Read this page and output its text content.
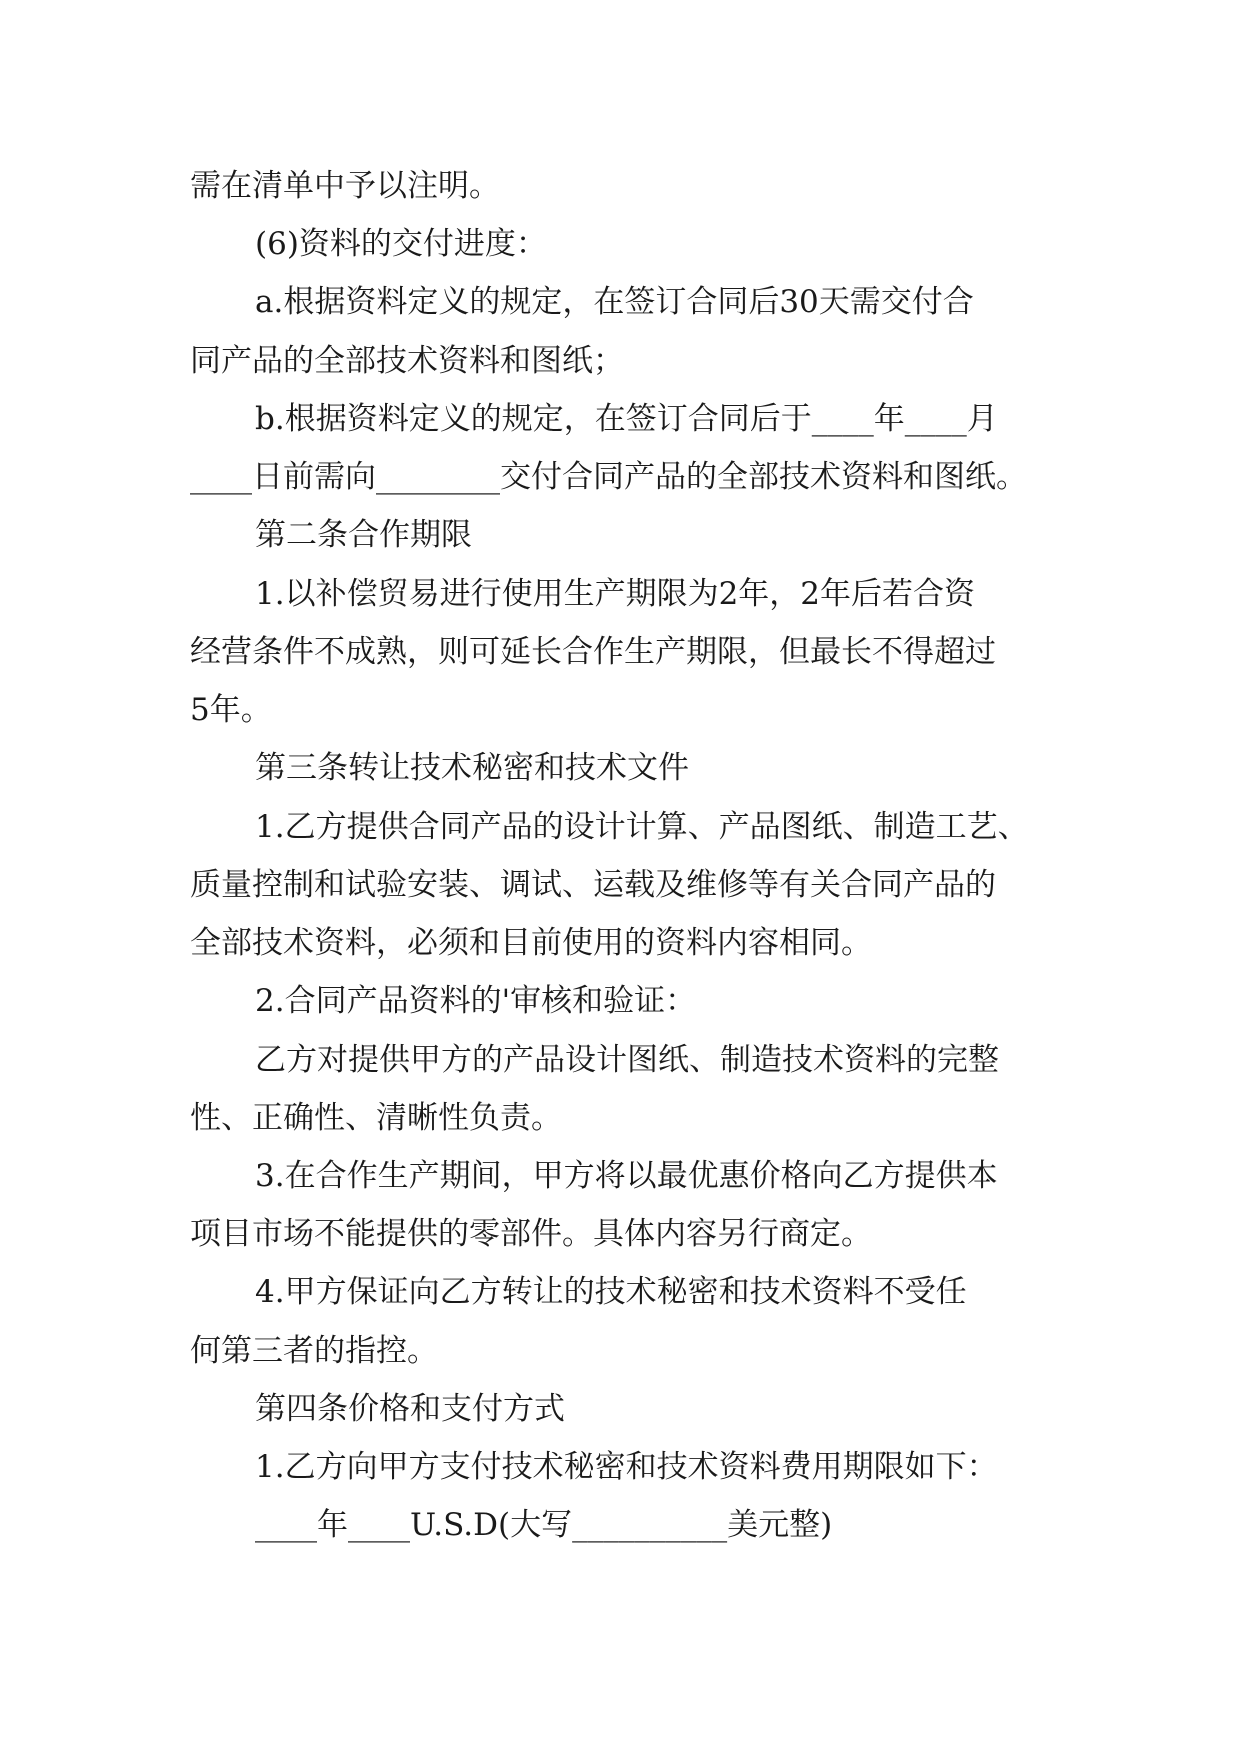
需在清单中予以注明。
(6)资料的交付进度：
a.根据资料定义的规定，在签订合同后30天需交付合
同产品的全部技术资料和图纸；
b.根据资料定义的规定，在签订合同后于____年____月
____日前需向________交付合同产品的全部技术资料和图纸。
第二条合作期限
1.以补偿贸易进行使用生产期限为2年，2年后若合资
经营条件不成熟，则可延长合作生产期限，但最长不得超过
5年。
第三条转让技术秘密和技术文件
1.乙方提供合同产品的设计计算、产品图纸、制造工艺、
质量控制和试验安装、调试、运载及维修等有关合同产品的
全部技术资料，必须和目前使用的资料内容相同。
2.合同产品资料的'审核和验证：
乙方对提供甲方的产品设计图纸、制造技术资料的完整
性、正确性、清晰性负责。
3.在合作生产期间，甲方将以最优惠价格向乙方提供本
项目市场不能提供的零部件。具体内容另行商定。
4.甲方保证向乙方转让的技术秘密和技术资料不受任
何第三者的指控。
第四条价格和支付方式
1.乙方向甲方支付技术秘密和技术资料费用期限如下：
____年____U.S.D(大写__________美元整)
